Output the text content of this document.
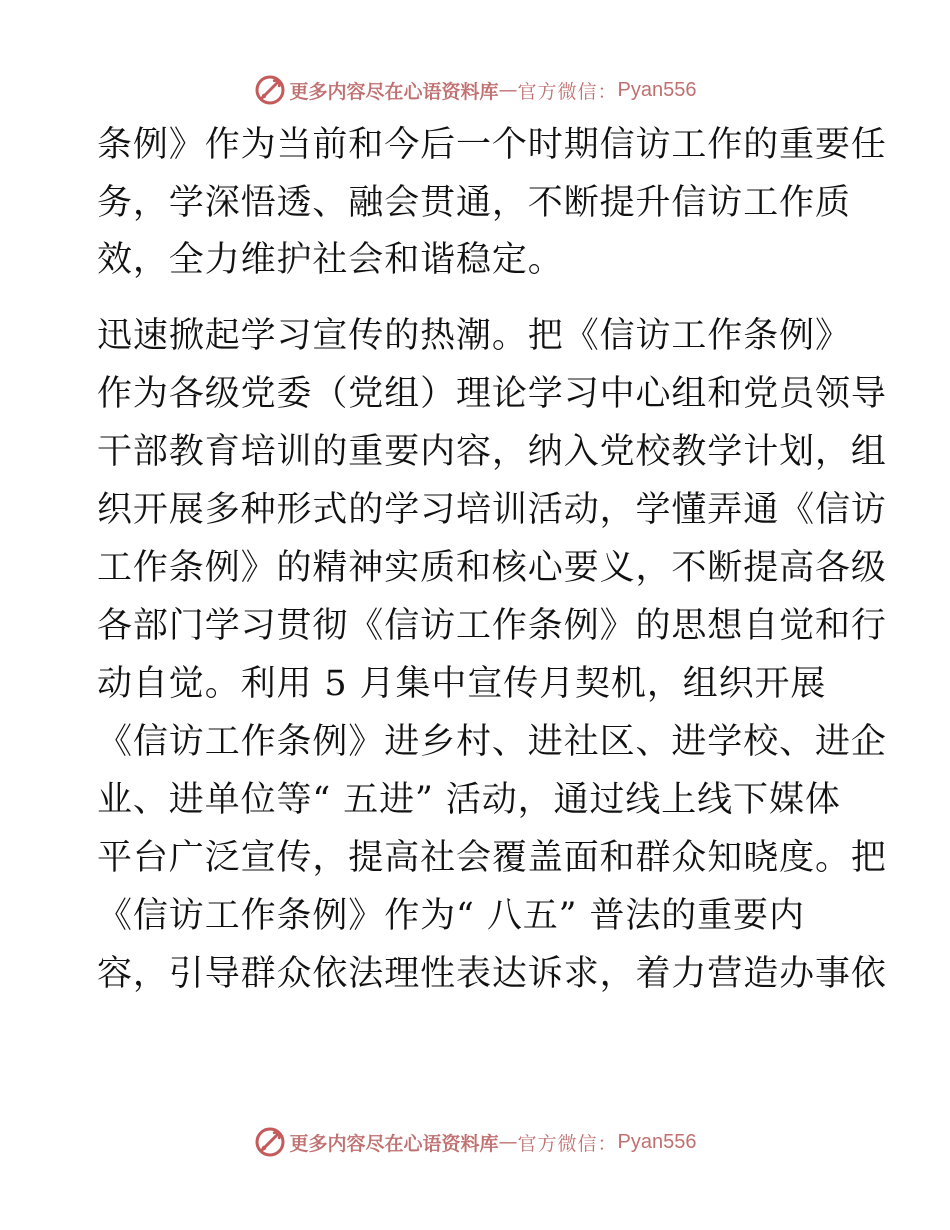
更多内容尽在心语资料库 — 官方微信： Pyan556
条例》作为当前和今后一个时期信访工作的重要任
务，学深悟透、融会贯通，不断提升信访工作质
效，全力维护社会和谐稳定。
迅速掀起学习宣传的热潮。把《信访工作条例》
作为各级党委（党组）理论学习中心组和党员领导
干部教育培训的重要内容，纳入党校教学计划，组
织开展多种形式的学习培训活动，学懂弄通《信访
工作条例》的精神实质和核心要义，不断提高各级
各部门学习贯彻《信访工作条例》的思想自觉和行
动自觉。利用 5 月集中宣传月契机，组织开展
《信访工作条例》进乡村、进社区、进学校、进企
业、进单位等“ 五进” 活动，通过线上线下媒体
平台广泛宣传，提高社会覆盖面和群众知晓度。把
《信访工作条例》作为“ 八五” 普法的重要内
容，引导群众依法理性表达诉求，着力营造办事依
更多内容尽在心语资料库 — 官方微信： Pyan556
